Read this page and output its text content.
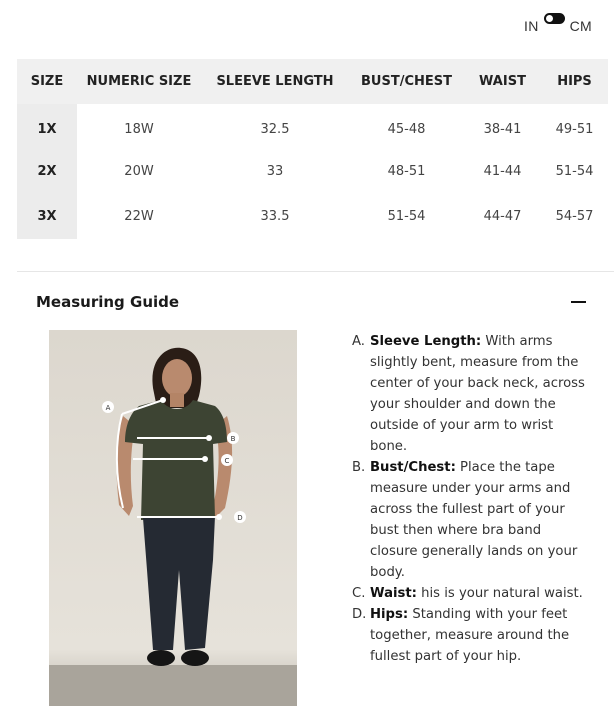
IN CM
SIZE	NUMERIC SIZE	SLEEVE LENGTH	BUST/CHEST	WAIST	HIPS
1X	18W	32.5	45-48	38-41	49-51
2X	20W	33	48-51	41-44	51-54
3X	22W	33.5	51-54	44-47	54-57
Measuring Guide
A
B
C
D
A. Sleeve Length: With arms slightly bent, measure from the center of your back neck, across your shoulder and down the outside of your arm to wrist bone.
B. Bust/Chest: Place the tape measure under your arms and across the fullest part of your bust then where bra band closure generally lands on your body.
C. Waist: his is your natural waist.
D. Hips: Standing with your feet together, measure around the fullest part of your hip.
